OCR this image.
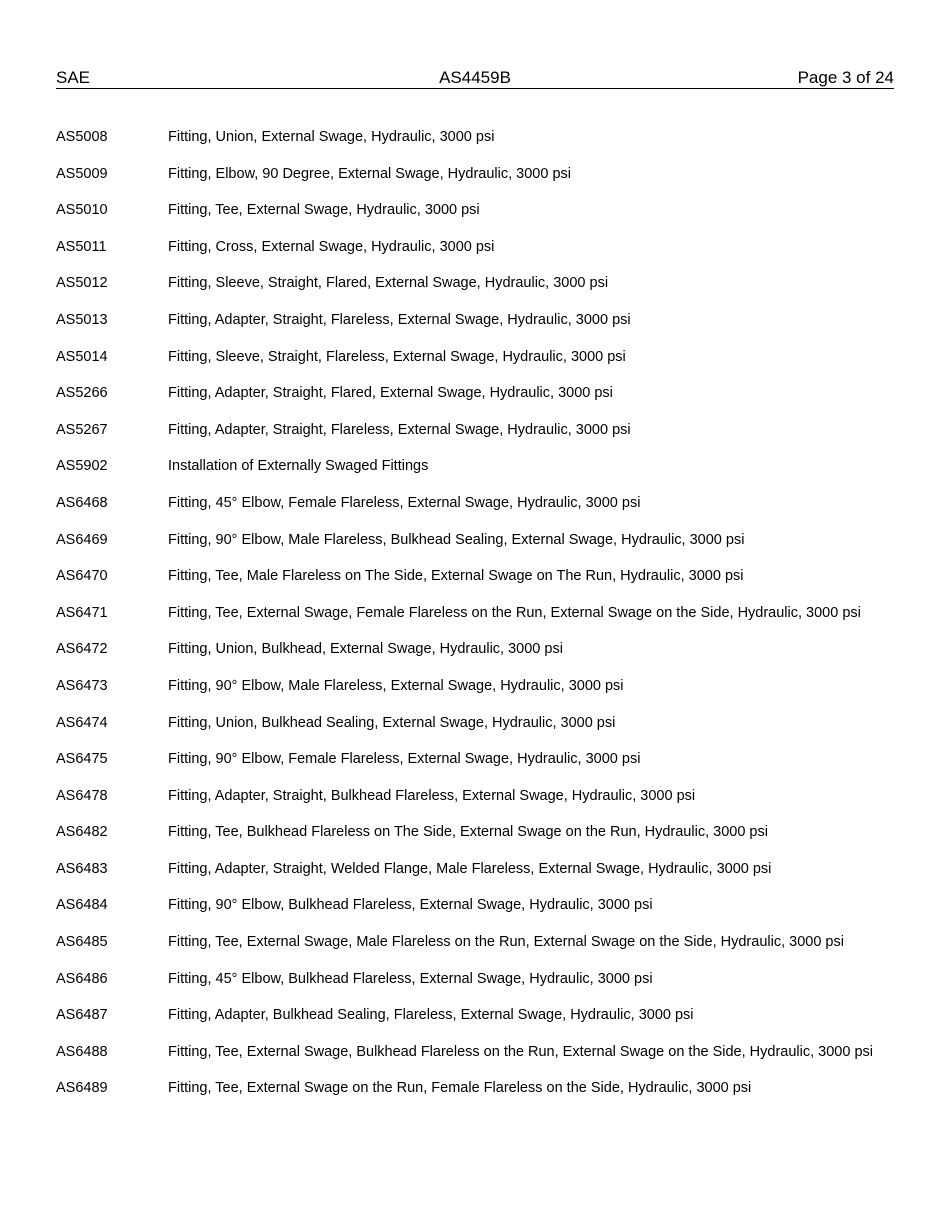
SAE	AS4459B	Page 3 of 24
AS5008	Fitting, Union, External Swage, Hydraulic, 3000 psi
AS5009	Fitting, Elbow, 90 Degree, External Swage, Hydraulic, 3000 psi
AS5010	Fitting, Tee, External Swage, Hydraulic, 3000 psi
AS5011	Fitting, Cross, External Swage, Hydraulic, 3000 psi
AS5012	Fitting, Sleeve, Straight, Flared, External Swage, Hydraulic, 3000 psi
AS5013	Fitting, Adapter, Straight, Flareless, External Swage, Hydraulic, 3000 psi
AS5014	Fitting, Sleeve, Straight, Flareless, External Swage, Hydraulic, 3000 psi
AS5266	Fitting, Adapter, Straight, Flared, External Swage, Hydraulic, 3000 psi
AS5267	Fitting, Adapter, Straight, Flareless, External Swage, Hydraulic, 3000 psi
AS5902	Installation of Externally Swaged Fittings
AS6468	Fitting, 45° Elbow, Female Flareless, External Swage, Hydraulic, 3000 psi
AS6469	Fitting, 90° Elbow, Male Flareless, Bulkhead Sealing, External Swage, Hydraulic, 3000 psi
AS6470	Fitting, Tee, Male Flareless on The Side, External Swage on The Run, Hydraulic, 3000 psi
AS6471	Fitting, Tee, External Swage, Female Flareless on the Run, External Swage on the Side, Hydraulic, 3000 psi
AS6472	Fitting, Union, Bulkhead, External Swage, Hydraulic, 3000 psi
AS6473	Fitting, 90° Elbow, Male Flareless, External Swage, Hydraulic, 3000 psi
AS6474	Fitting, Union, Bulkhead Sealing, External Swage, Hydraulic, 3000 psi
AS6475	Fitting, 90° Elbow, Female Flareless, External Swage, Hydraulic, 3000 psi
AS6478	Fitting, Adapter, Straight, Bulkhead Flareless, External Swage, Hydraulic, 3000 psi
AS6482	Fitting, Tee, Bulkhead Flareless on The Side, External Swage on the Run, Hydraulic, 3000 psi
AS6483	Fitting, Adapter, Straight, Welded Flange, Male Flareless, External Swage, Hydraulic, 3000 psi
AS6484	Fitting, 90° Elbow, Bulkhead Flareless, External Swage, Hydraulic, 3000 psi
AS6485	Fitting, Tee, External Swage, Male Flareless on the Run, External Swage on the Side, Hydraulic, 3000 psi
AS6486	Fitting, 45° Elbow, Bulkhead Flareless, External Swage, Hydraulic, 3000 psi
AS6487	Fitting, Adapter, Bulkhead Sealing, Flareless, External Swage, Hydraulic, 3000 psi
AS6488	Fitting, Tee, External Swage, Bulkhead Flareless on the Run, External Swage on the Side, Hydraulic, 3000 psi
AS6489	Fitting, Tee, External Swage on the Run, Female Flareless on the Side, Hydraulic, 3000 psi
